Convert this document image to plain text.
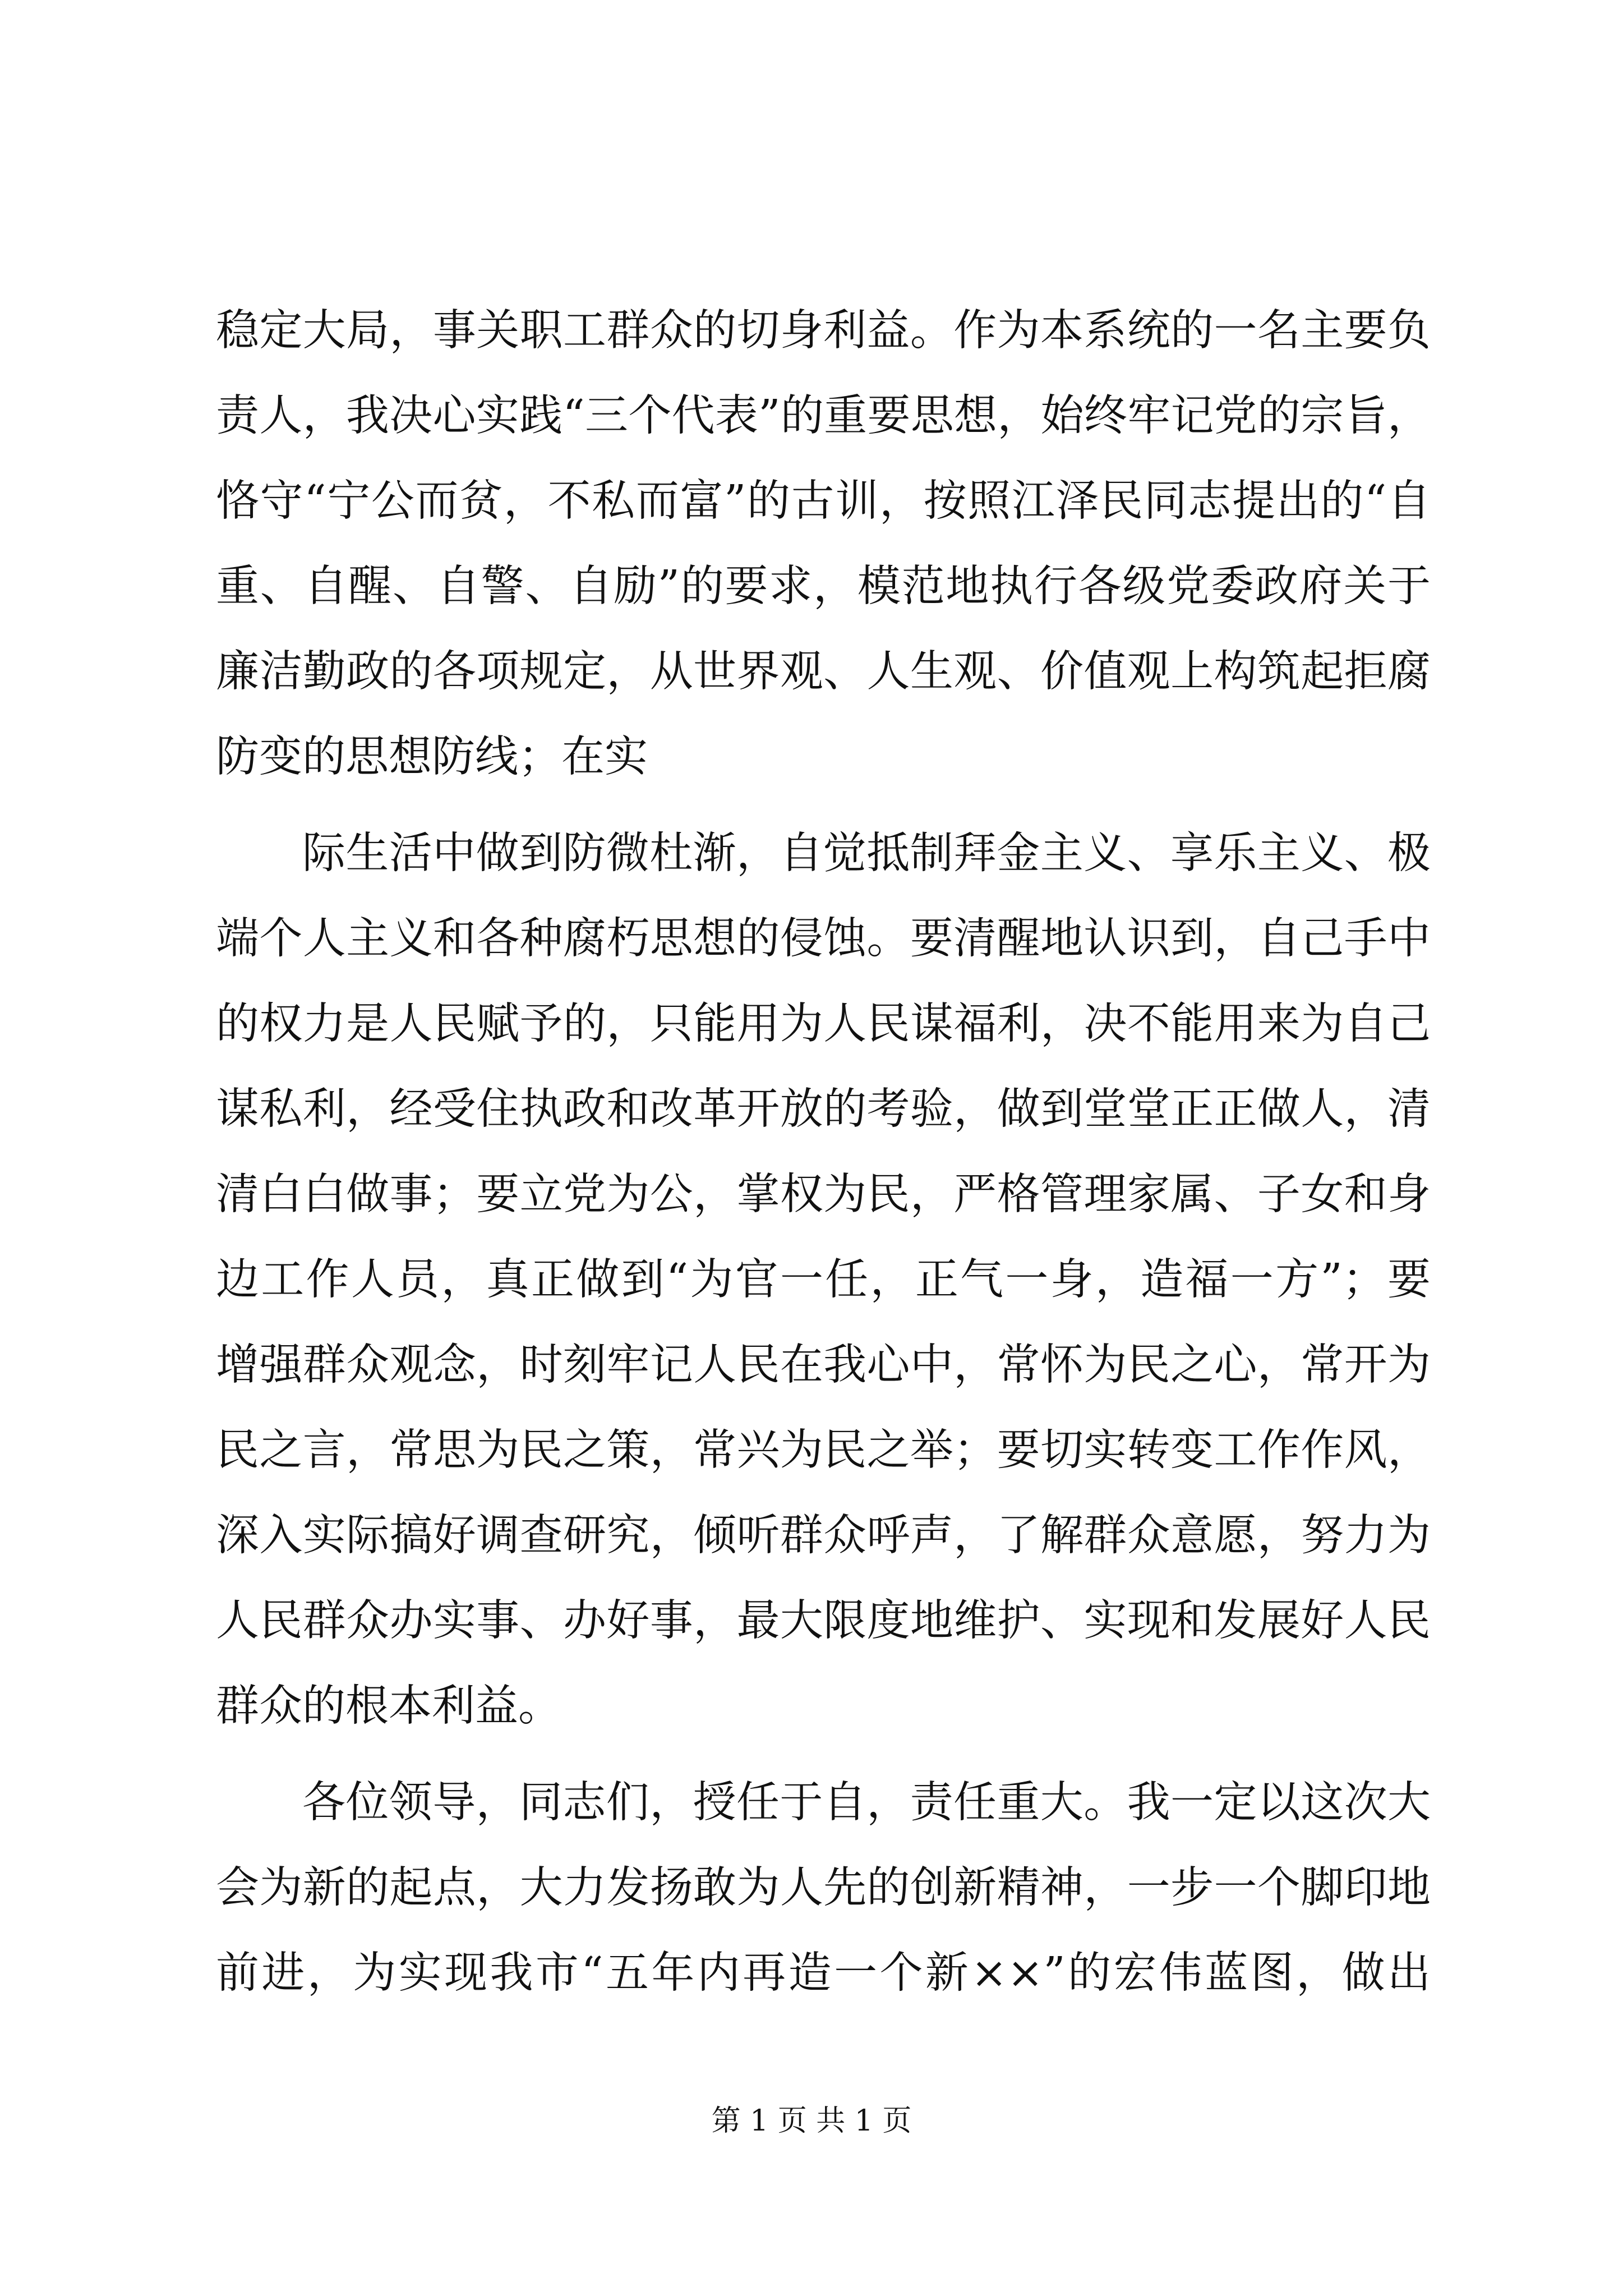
稳定大局，事关职工群众的切身利益。作为本系统的一名主要负
责人，我决心实践“三个代表”的重要思想，始终牢记党的宗旨，
恪守“宁公而贫，不私而富”的古训，按照江泽民同志提出的“自
重、自醒、自警、自励”的要求，模范地执行各级党委政府关于
廉洁勤政的各项规定，从世界观、人生观、价值观上构筑起拒腐
防变的思想防线；在实
际生活中做到防微杜渐，自觉抵制拜金主义、享乐主义、极
端个人主义和各种腐朽思想的侵蚀。要清醒地认识到，自己手中
的权力是人民赋予的，只能用为人民谋福利，决不能用来为自己
谋私利，经受住执政和改革开放的考验，做到堂堂正正做人，清
清白白做事；要立党为公，掌权为民，严格管理家属、子女和身
边工作人员，真正做到“为官一任，正气一身，造福一方”；要
增强群众观念，时刻牢记人民在我心中，常怀为民之心，常开为
民之言，常思为民之策，常兴为民之举；要切实转变工作作风，
深入实际搞好调查研究，倾听群众呼声，了解群众意愿，努力为
人民群众办实事、办好事，最大限度地维护、实现和发展好人民
群众的根本利益。
各位领导，同志们，授任于自，责任重大。我一定以这次大
会为新的起点，大力发扬敢为人先的创新精神，一步一个脚印地
前进，为实现我市“五年内再造一个新××”的宏伟蓝图，做出
第 1 页 共 1 页
